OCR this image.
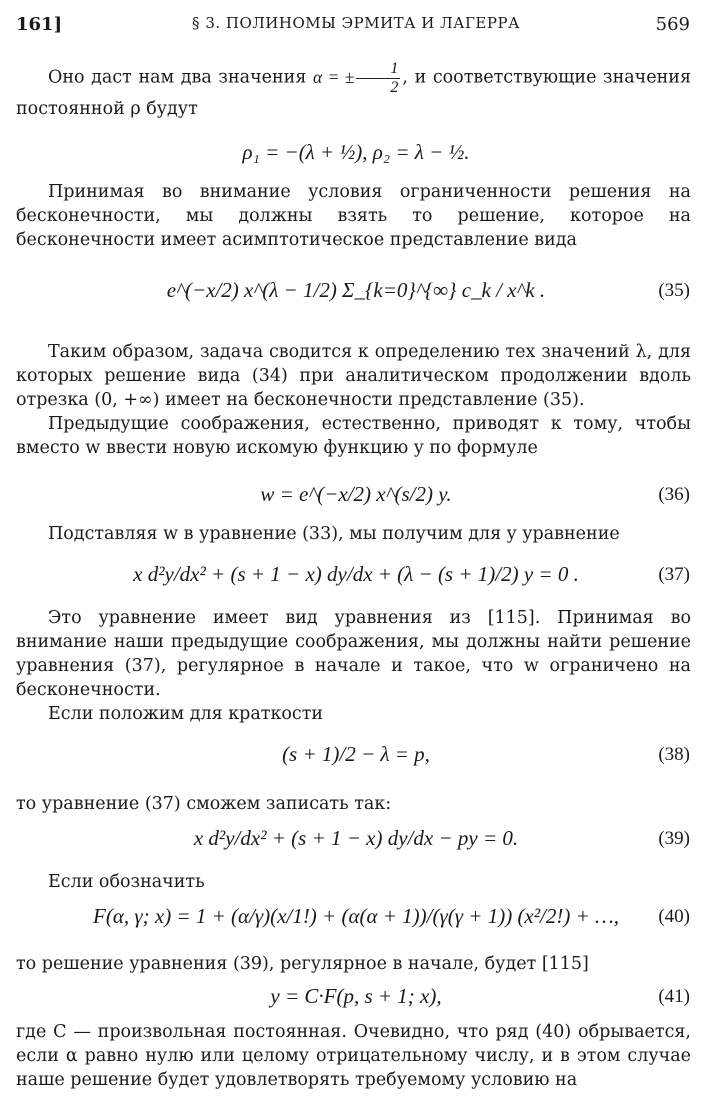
161]	§ 3. ПОЛИНОМЫ ЭРМИТА И ЛАГЕРРА	569
Оно даст нам два значения α = ± $\frac{1}{2}$ , и соответствующие значения постоянной ρ будут
ρ₁ = −(λ + ½), ρ₂ = λ − ½.
Принимая во внимание условия ограниченности решения на бесконечности, мы должны взять то решение, которое на бесконечности имеет асимптотическое представление вида
e^(−x/2) x^(λ − 1/2) Σ_{k=0}^{∞} c_k / x^k .	(35)
Таким образом, задача сводится к определению тех значений λ, для которых решение вида (34) при аналитическом продолжении вдоль отрезка (0, +∞) имеет на бесконечности представление (35).
Предыдущие соображения, естественно, приводят к тому, чтобы вместо w ввести новую искомую функцию y по формуле
w = e^(−x/2) x^(s/2) y.	(36)
Подставляя w в уравнение (33), мы получим для y уравнение
x d²y/dx² + (s + 1 − x) dy/dx + (λ − (s + 1)/2) y = 0 .	(37)
Это уравнение имеет вид уравнения из [115]. Принимая во внимание наши предыдущие соображения, мы должны найти решение уравнения (37), регулярное в начале и такое, что w ограничено на бесконечности.
Если положим для краткости
(s + 1)/2 − λ = p,	(38)
то уравнение (37) сможем записать так:
x d²y/dx² + (s + 1 − x) dy/dx − py = 0.	(39)
Если обозначить
F(α, γ; x) = 1 + (α/γ)(x/1!) + (α(α + 1))/(γ(γ + 1)) (x²/2!) + …,	(40)
то решение уравнения (39), регулярное в начале, будет [115]
y = C·F(p, s + 1; x),	(41)
где C — произвольная постоянная. Очевидно, что ряд (40) обрывается, если α равно нулю или целому отрицательному числу, и в этом случае наше решение будет удовлетворять требуемому условию на
